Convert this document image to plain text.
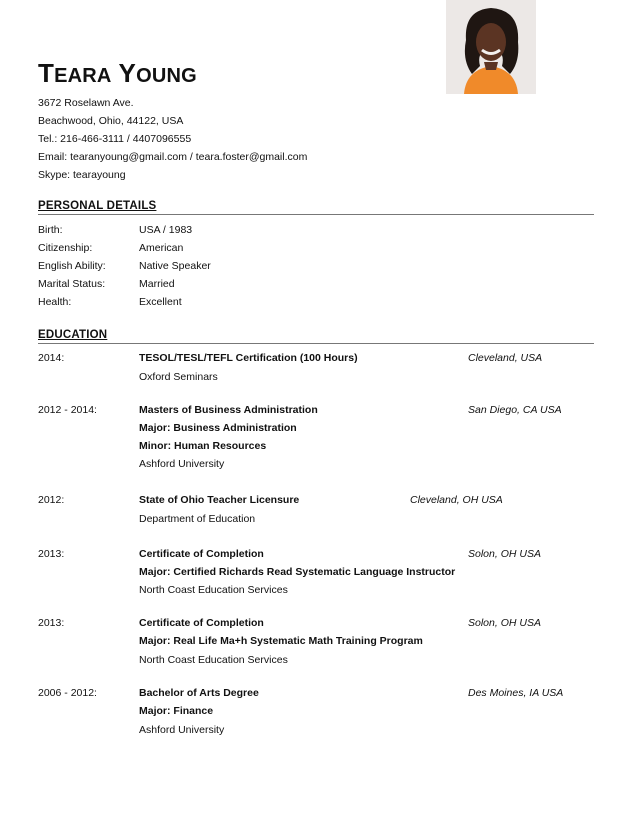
TEARA YOUNG
3672 Roselawn Ave.
Beachwood, Ohio, 44122, USA
Tel.: 216-466-3111 / 4407096555
Email: tearanyoung@gmail.com / teara.foster@gmail.com
Skype: tearayoung
PERSONAL DETAILS
Birth:	USA / 1983
Citizenship:	American
English Ability:	Native Speaker
Marital Status:	Married
Health:	Excellent
EDUCATION
2014:	TESOL/TESL/TEFL Certification (100 Hours)	Cleveland, USA
Oxford Seminars
2012 - 2014:	Masters of Business Administration	San Diego, CA USA
Major: Business Administration
Minor: Human Resources
Ashford University
2012:	State of Ohio Teacher Licensure	Cleveland, OH USA
Department of Education
2013:	Certificate of Completion	Solon, OH USA
Major: Certified Richards Read Systematic Language Instructor
North Coast Education Services
2013:	Certificate of Completion	Solon, OH USA
Major: Real Life Ma+h Systematic Math Training Program
North Coast Education Services
2006 - 2012:	Bachelor of Arts Degree	Des Moines, IA USA
Major: Finance
Ashford University
